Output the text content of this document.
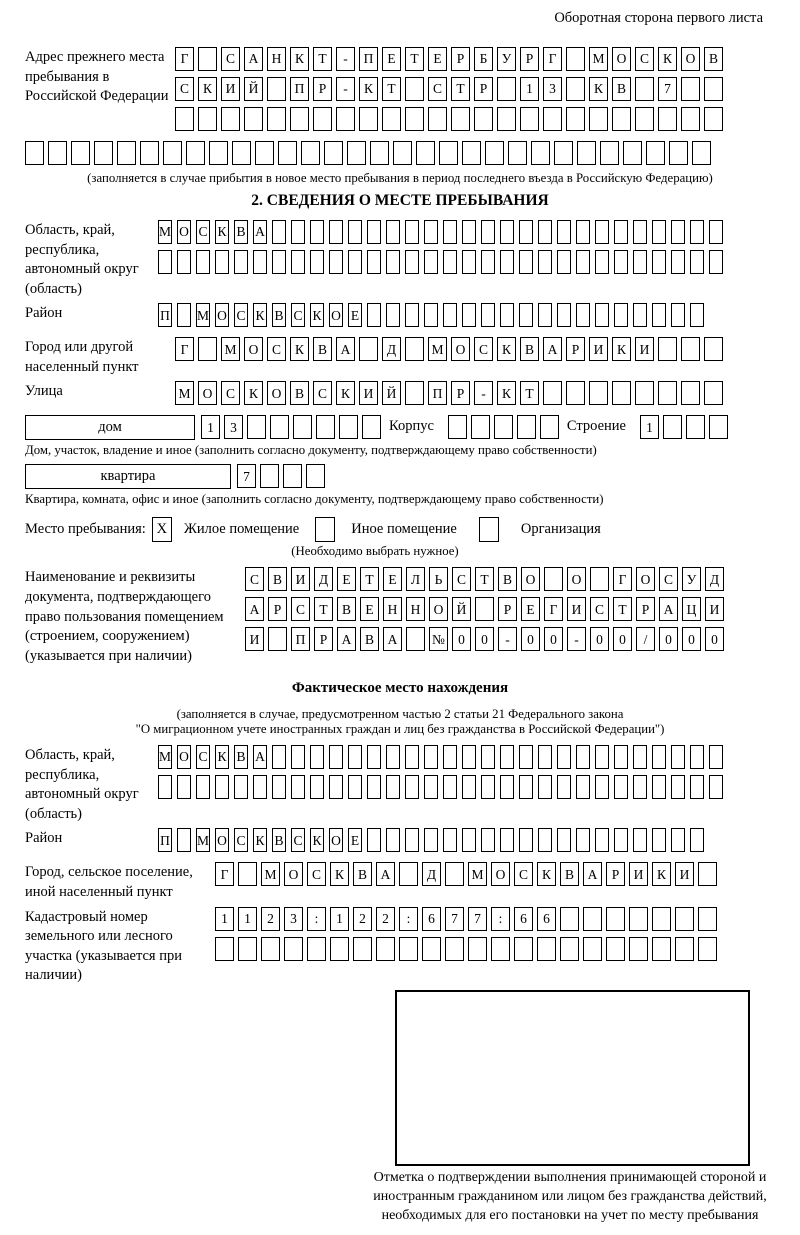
Оборотная сторона первого листа
Адрес прежнего места пребывания в Российской Федерации
Г	С	А Н	К	Т	-	П	Е	Т	Е	Р	Б	У	Р	Г	М О	С	К	О	В
С	К	И Й	П	Р	-	К	Т	С	Т	Р	1	3	К	В	7
(заполняется в случае прибытия в новое место пребывания в период последнего въезда в Российскую Федерацию)
2. СВЕДЕНИЯ О МЕСТЕ ПРЕБЫВАНИЯ
Область, край, республика, автономный округ (область)
М О С К В А
Район	П М О С К В С К О Е
Город или другой населенный пункт
Г	М О	С	К	В	А	Д	М О	С	К	В	А	Р	И	К	И
Улица	М О	С	К	О	В	С	К	И Й	П	Р	-	К	Т
дом	1	3	Корпус	Строение	1
Дом, участок, владение и иное (заполнить согласно документу, подтверждающему право собственности)
квартира	7
Квартира, комната, офис и иное (заполнить согласно документу, подтверждающему право собственности)
Место пребывания: X	Жилое помещение	Иное помещение	Организация
(Необходимо выбрать нужное)
Наименование и реквизиты документа, подтверждающего право пользования помещением (строением, сооружением) (указывается при наличии)
С	В	И	Д	Е	Т	Е	Л	Ь	С	Т	В	О	О	Г	О	С	У	Д
А	Р	С	Т	В	Е	Н Н О Й	Р	Е	Г	И	С	Т	Р	А Ц И
И	П	Р	А	В	А	№ 0	0	-	0	0	-	0	0	/	0	0	0
Фактическое место нахождения
(заполняется в случае, предусмотренном частью 2 статьи 21 Федерального закона
"О миграционном учете иностранных граждан и лиц без гражданства в Российской Федерации")
Область, край, республика, автономный округ (область)
М О С К В А
Район	П М О С К В С К О Е
Город, сельское поселение, иной населенный пункт
Г	М О	С	К	В	А	Д	М О	С	К	В	А	Р	И	К	И
Кадастровый номер земельного или лесного участка (указывается при наличии)
1	1	2	3	:	1	2	2	:	6	7	7	:	6	6
Отметка о подтверждении выполнения принимающей стороной и иностранным гражданином или лицом без гражданства действий, необходимых для его постановки на учет по месту пребывания
